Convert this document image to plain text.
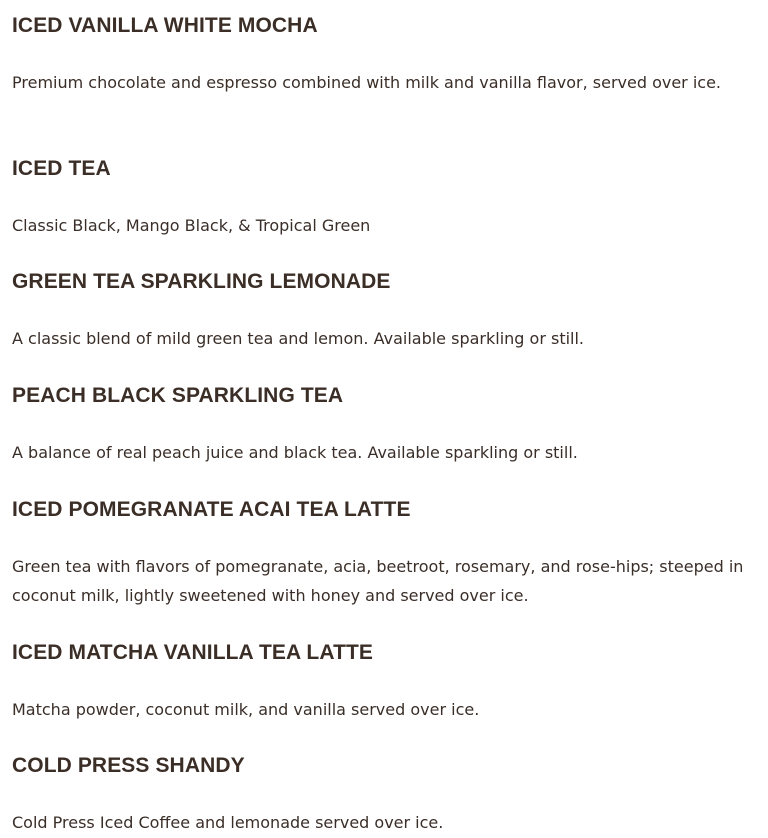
ICED VANILLA WHITE MOCHA

Premium chocolate and espresso combined with milk and vanilla flavor, served over ice.

ICED TEA

Classic Black, Mango Black, & Tropical Green

GREEN TEA SPARKLING LEMONADE

A classic blend of mild green tea and lemon. Available sparkling or still.

PEACH BLACK SPARKLING TEA

A balance of real peach juice and black tea. Available sparkling or still.

ICED POMEGRANATE ACAI TEA LATTE

Green tea with flavors of pomegranate, acia, beetroot, rosemary, and rose-hips; steeped in coconut milk, lightly sweetened with honey and served over ice.

ICED MATCHA VANILLA TEA LATTE

Matcha powder, coconut milk, and vanilla served over ice.

COLD PRESS SHANDY

Cold Press Iced Coffee and lemonade served over ice.
